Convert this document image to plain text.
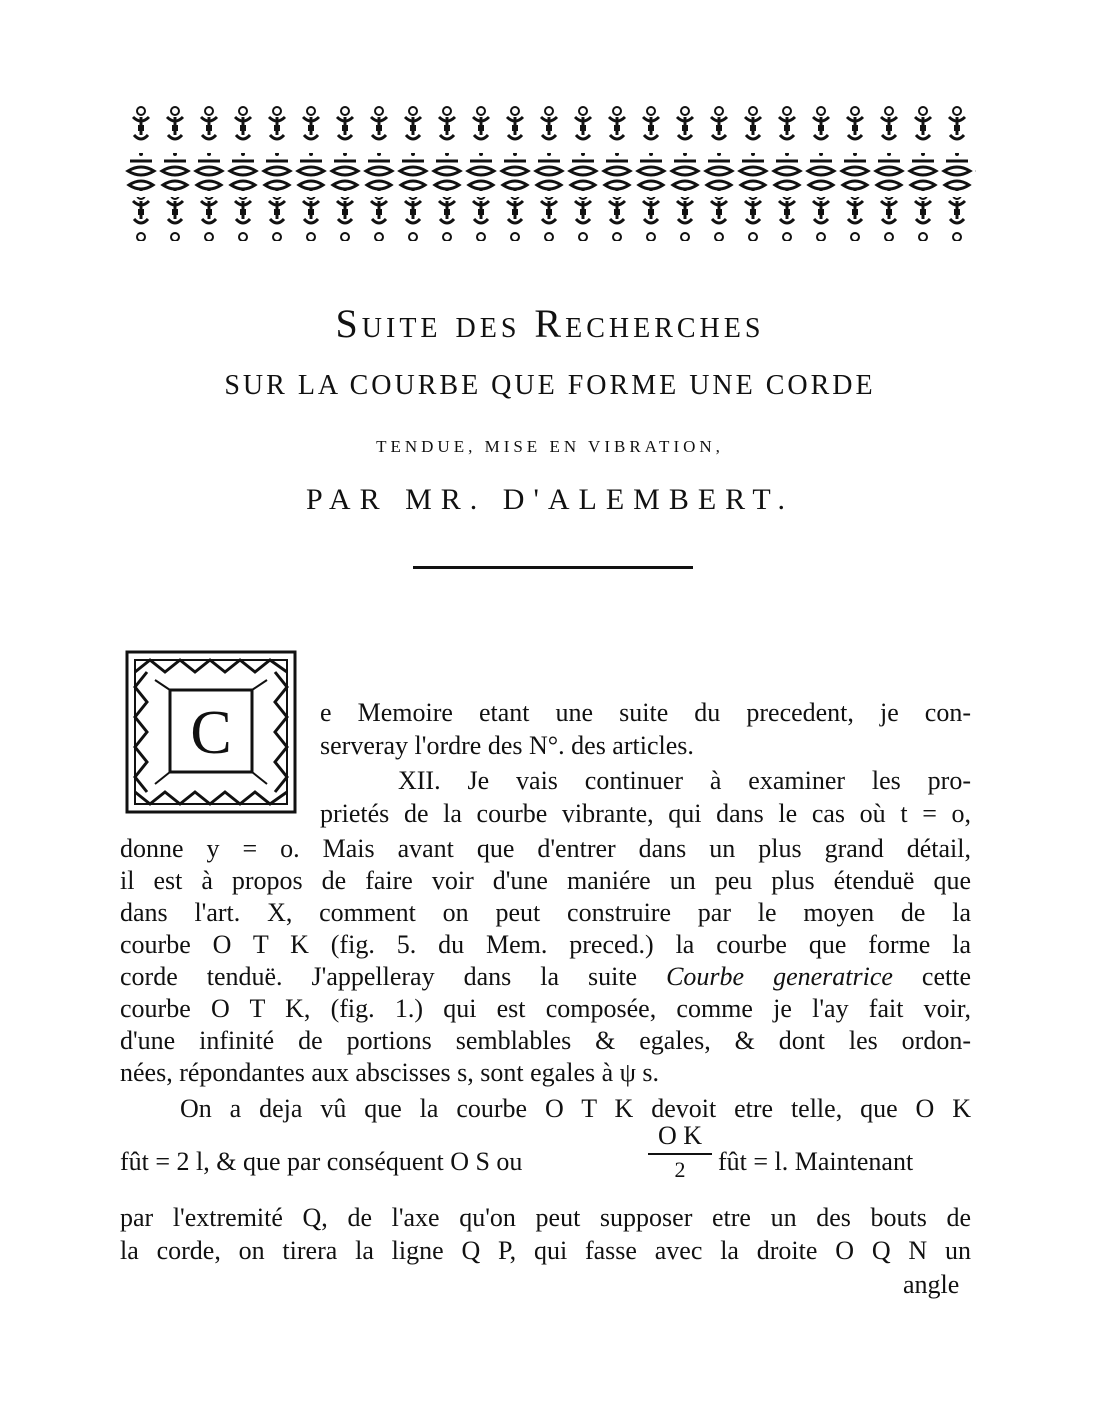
Suite des Recherches
SUR LA COURBE QUE FORME UNE CORDE
TENDUE, MISE EN VIBRATION,
PAR MR. D'ALEMBERT.
C	e Memoire etant une suite du precedent, je con-
serveray l'ordre des N°. des articles.
XII. Je vais continuer à examiner les pro-
prietés de la courbe vibrante, qui dans le cas où t = o,
donne y = o. Mais avant que d'entrer dans un plus grand détail,
il est à propos de faire voir d'une maniére un peu plus étenduë que
dans l'art. X, comment on peut construire par le moyen de la
courbe O T K (fig. 5. du Mem. preced.) la courbe que forme la
corde tenduë. J'appelleray dans la suite Courbe generatrice cette
courbe O T K, (fig. 1.) qui est composée, comme je l'ay fait voir,
d'une infinité de portions semblables & egales, & dont les ordon-
nées, répondantes aux abscisses s, sont egales à ψ s.
On a deja vû que la courbe O T K devoit etre telle, que O K
fût = 2 l, & que par conséquent O S ou
O K
2	fût = l. Maintenant
par l'extremité Q, de l'axe qu'on peut supposer etre un des bouts de
la corde, on tirera la ligne Q P, qui fasse avec la droite O Q N un
angle
